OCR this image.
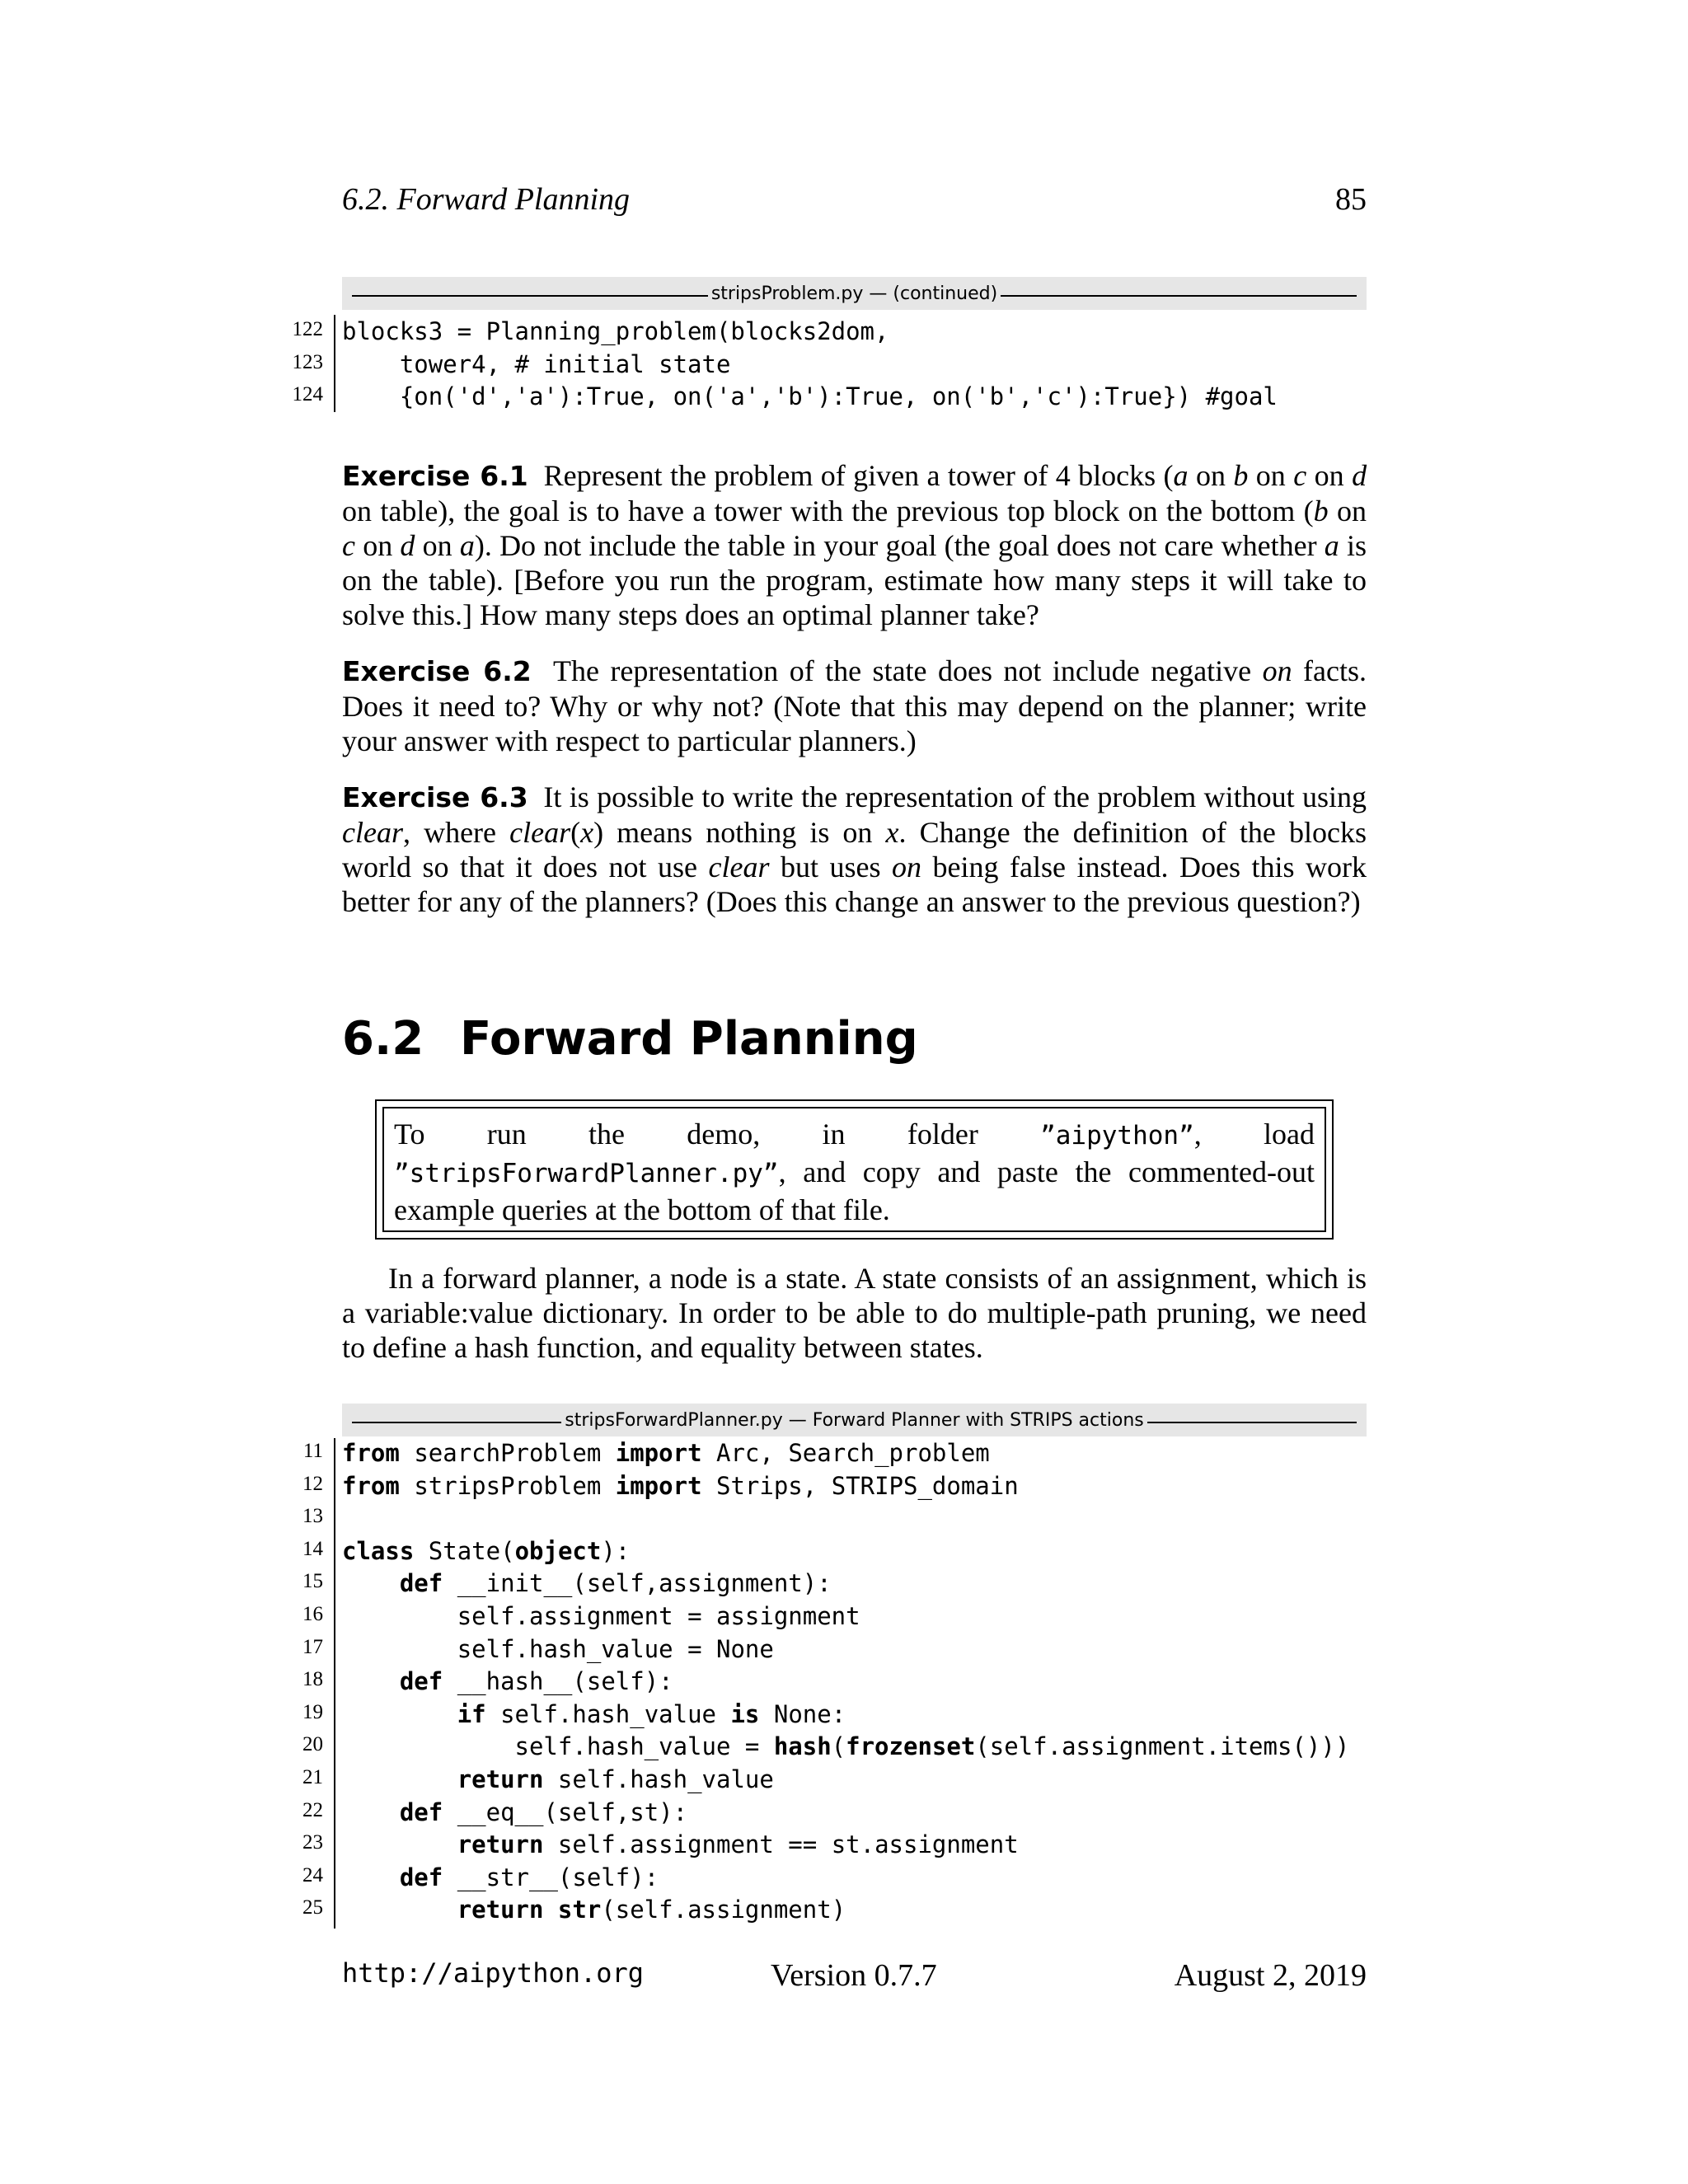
6.2. Forward Planning	85
stripsProblem.py — (continued)
122 blocks3 = Planning_problem(blocks2dom,
123 tower4, # initial state
124 {on('d','a'):True, on('a','b'):True, on('b','c'):True}) #goal
Exercise 6.1 Represent the problem of given a tower of 4 blocks (a on b on c on d on table), the goal is to have a tower with the previous top block on the bottom (b on c on d on a). Do not include the table in your goal (the goal does not care whether a is on the table). [Before you run the program, estimate how many steps it will take to solve this.] How many steps does an optimal planner take?
Exercise 6.2 The representation of the state does not include negative on facts. Does it need to? Why or why not? (Note that this may depend on the planner; write your answer with respect to particular planners.)
Exercise 6.3 It is possible to write the representation of the problem without using clear, where clear(x) means nothing is on x. Change the definition of the blocks world so that it does not use clear but uses on being false instead. Does this work better for any of the planners? (Does this change an answer to the previous question?)
6.2 Forward Planning
To run the demo, in folder ”aipython”, load ”stripsForwardPlanner.py”, and copy and paste the commented-out example queries at the bottom of that file.
In a forward planner, a node is a state. A state consists of an assignment, which is a variable:value dictionary. In order to be able to do multiple-path pruning, we need to define a hash function, and equality between states.
stripsForwardPlanner.py — Forward Planner with STRIPS actions
11 from searchProblem import Arc, Search_problem
12 from stripsProblem import Strips, STRIPS_domain
13
14 class State(object):
15	def __init__(self,assignment):
16	self.assignment = assignment
17	self.hash_value = None
18	def __hash__(self):
19	if self.hash_value is None:
20	self.hash_value = hash(frozenset(self.assignment.items()))
21	return self.hash_value
22	def __eq__(self,st):
23	return self.assignment == st.assignment
24	def __str__(self):
25	return str(self.assignment)
http://aipython.org	Version 0.7.7	August 2, 2019
